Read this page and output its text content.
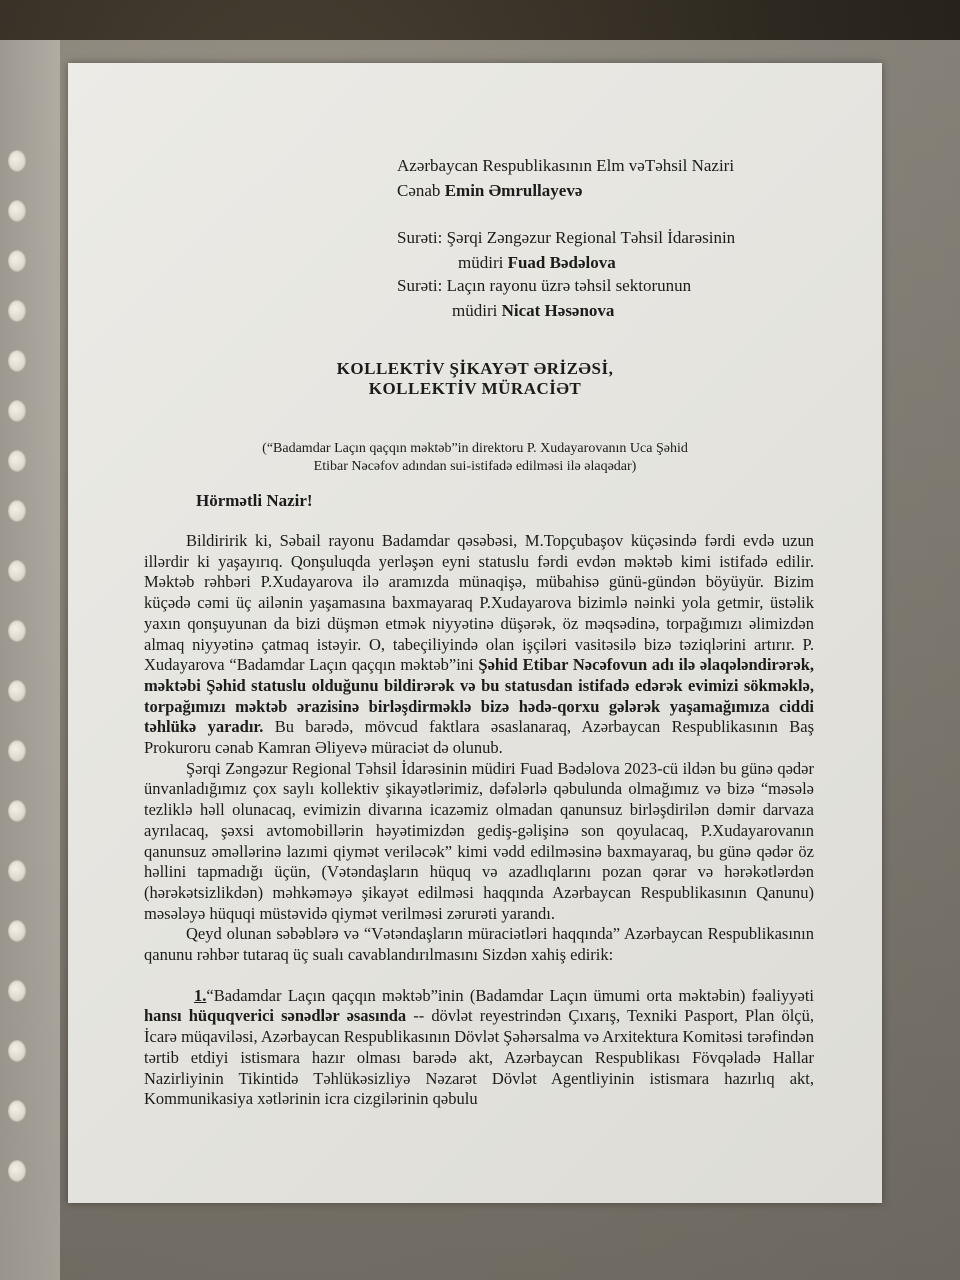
Azərbaycan Respublikasının Elm vəTəhsil Naziri
Cənab Emin Əmrullayevə
Surəti: Şərqi Zəngəzur Regional Təhsil İdarəsinin
müdiri Fuad Bədəlova
Surəti: Laçın rayonu üzrə təhsil sektorunun
müdiri Nicat Həsənova
KOLLEKTİV ŞİKAYƏT ƏRİZƏSİ,
KOLLEKTİV MÜRACİƏT
(“Badamdar Laçın qaçqın məktəb”in direktoru P. Xudayarovanın Uca Şəhid
Etibar Nəcəfov adından sui-istifadə edilməsi ilə əlaqədar)
Hörmətli Nazir!

Bildiririk ki, Səbail rayonu Badamdar qəsəbəsi, M.Topçubaşov küçəsində fərdi evdə uzun illərdir ki yaşayırıq. Qonşuluqda yerləşən eyni statuslu fərdi evdən məktəb kimi istifadə edilir. Məktəb rəhbəri P.Xudayarova ilə aramızda münaqişə, mübahisə günü-gündən böyüyür. Bizim küçədə cəmi üç ailənin yaşamasına baxmayaraq P.Xudayarova bizimlə nəinki yola getmir, üstəlik yaxın qonşuyunan da bizi düşmən etmək niyyətinə düşərək, öz məqsədinə, torpağımızı əlimizdən almaq niyyətinə çatmaq istəyir. O, tabeçiliyində olan işçiləri vasitəsilə bizə təziqlərini artırır. P. Xudayarova “Badamdar Laçın qaçqın məktəb”ini Şəhid Etibar Nəcəfovun adı ilə əlaqələndirərək, məktəbi Şəhid statuslu olduğunu bildirərək və bu statusdan istifadə edərək evimizi sökməklə, torpağımızı məktəb ərazisinə birləşdirməklə bizə hədə-qorxu gələrək yaşamağımıza ciddi təhlükə yaradır. Bu barədə, mövcud faktlara əsaslanaraq, Azərbaycan Respublikasının Baş Prokuroru cənab Kamran Əliyevə müraciət də olunub.

Şərqi Zəngəzur Regional Təhsil İdarəsinin müdiri Fuad Bədəlova 2023-cü ildən bu günə qədər ünvanladığımız çox saylı kollektiv şikayətlərimiz, dəfələrlə qəbulunda olmağımız və bizə “məsələ tezliklə həll olunacaq, evimizin divarına icazəmiz olmadan qanunsuz birləşdirilən dəmir darvaza ayrılacaq, şəxsi avtomobillərin həyətimizdən gediş-gəlişinə son qoyulacaq, P.Xudayarovanın qanunsuz əməllərinə lazımi qiymət veriləcək” kimi vədd edilməsinə baxmayaraq, bu günə qədər öz həllini tapmadığı üçün, (Vətəndaşların hüquq və azadlıqlarını pozan qərar və hərəkətlərdən (hərəkətsizlikdən) məhkəməyə şikayət edilməsi haqqında Azərbaycan Respublikasının Qanunu) məsələyə hüquqi müstəvidə qiymət verilməsi zərurəti yarandı.

Qeyd olunan səbəblərə və “Vətəndaşların müraciətləri haqqında” Azərbaycan Respublikasının qanunu rəhbər tutaraq üç sualı cavablandırılmasını Sizdən xahiş edirik:

1.“Badamdar Laçın qaçqın məktəb”inin (Badamdar Laçın ümumi orta məktəbin) fəaliyyəti hansı hüquqverici sənədlər əsasında -- dövlət reyestrindən Çıxarış, Texniki Pasport, Plan ölçü, İcarə müqaviləsi, Azərbaycan Respublikasının Dövlət Şəhərsalma və Arxitektura Komitəsi tərəfindən tərtib etdiyi istismara hazır olması barədə akt, Azərbaycan Respublikası Fövqəladə Hallar Nazirliyinin Tikintidə Təhlükəsizliyə Nəzarət Dövlət Agentliyinin istismara hazırlıq akt, Kommunikasiya xətlərinin icra cizgilərinin qəbulu
